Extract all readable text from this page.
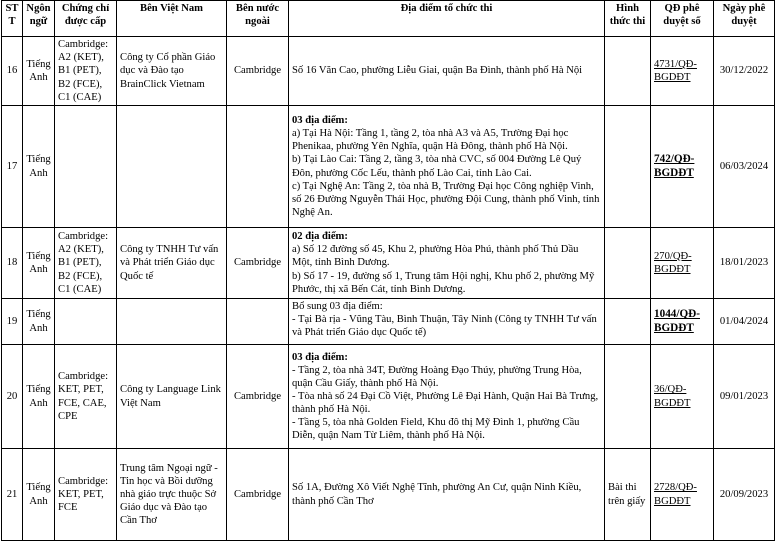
ST T	Ngôn ngữ	Chứng chỉ được cấp	Bên Việt Nam	Bên nước ngoài	Địa điểm tổ chức thi	Hình thức thi	QĐ phê duyệt số	Ngày phê duyệt
16	Tiếng Anh	Cambridge: A2 (KET), B1 (PET), B2 (FCE), C1 (CAE)	Công ty Cổ phần Giáo dục và Đào tạo BrainClick Vietnam	Cambridge	Số 16 Văn Cao, phường Liễu Giai, quận Ba Đình, thành phố Hà Nội		4731/QĐ-BGDĐT	30/12/2022
17	Tiếng Anh				03 địa điểm:
a) Tại Hà Nội: Tầng 1, tầng 2, tòa nhà A3 và A5, Trường Đại học Phenikaa, phường Yên Nghĩa, quận Hà Đông, thành phố Hà Nội.
b) Tại Lào Cai: Tầng 2, tầng 3, tòa nhà CVC, số 004 Đường Lê Quý Đôn, phường Cốc Lếu, thành phố Lào Cai, tỉnh Lào Cai.
c) Tại Nghệ An: Tầng 2, tòa nhà B, Trường Đại học Công nghiệp Vinh, số 26 Đường Nguyễn Thái Học, phường Đội Cung, thành phố Vinh, tỉnh Nghệ An.		742/QĐ-BGDĐT	06/03/2024
18	Tiếng Anh	Cambridge: A2 (KET), B1 (PET), B2 (FCE), C1 (CAE)	Công ty TNHH Tư vấn và Phát triển Giáo dục Quốc tế	Cambridge	02 địa điểm:
a) Số 12 đường số 45, Khu 2, phường Hòa Phú, thành phố Thủ Dầu Một, tỉnh Bình Dương.
b) Số 17 - 19, đường số 1, Trung tâm Hội nghị, Khu phố 2, phường Mỹ Phước, thị xã Bến Cát, tỉnh Bình Dương.		270/QĐ-BGDĐT	18/01/2023
19	Tiếng Anh				Bổ sung 03 địa điểm:
- Tại Bà rịa - Vũng Tàu, Bình Thuận, Tây Ninh (Công ty TNHH Tư vấn và Phát triển Giáo dục Quốc tế)		1044/QĐ-BGDĐT	01/04/2024
20	Tiếng Anh	Cambridge: KET, PET, FCE, CAE, CPE	Công ty Language Link Việt Nam	Cambridge	03 địa điểm:
- Tầng 2, tòa nhà 34T, Đường Hoàng Đạo Thúy, phường Trung Hòa, quận Cầu Giấy, thành phố Hà Nội.
- Tòa nhà số 24 Đại Cồ Việt, Phường Lê Đại Hành, Quận Hai Bà Trưng, thành phố Hà Nội.
- Tầng 5, tòa nhà Golden Field, Khu đô thị Mỹ Đình 1, phường Cầu Diễn, quận Nam Từ Liêm, thành phố Hà Nội.		36/QĐ-BGDĐT	09/01/2023
21	Tiếng Anh	Cambridge: KET, PET, FCE	Trung tâm Ngoại ngữ - Tin học và Bồi dưỡng nhà giáo trực thuộc Sở Giáo dục và Đào tạo Cần Thơ	Cambridge	Số 1A, Đường Xô Viết Nghệ Tĩnh, phường An Cư, quận Ninh Kiều, thành phố Cần Thơ	Bài thi trên giấy	2728/QĐ-BGDĐT	20/09/2023
